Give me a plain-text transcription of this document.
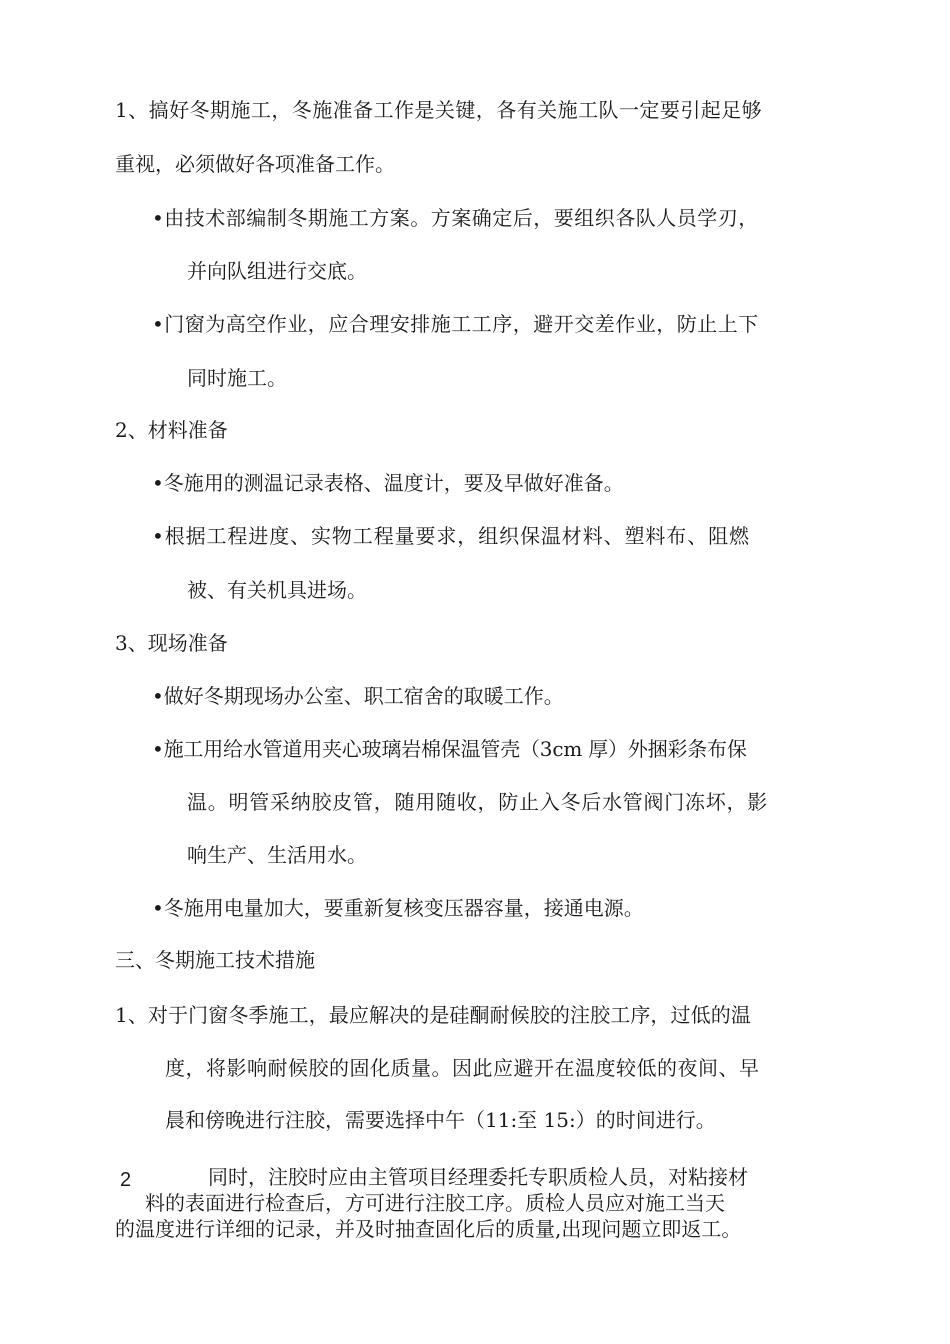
1、搞好冬期施工，冬施准备工作是关键，各有关施工队一定要引起足够
重视，必须做好各项准备工作。
•由技术部编制冬期施工方案。方案确定后，要组织各队人员学刃，
并向队组进行交底。
•门窗为高空作业，应合理安排施工工序，避开交差作业，防止上下
同时施工。
2、材料准备
•冬施用的测温记录表格、温度计，要及早做好准备。
•根据工程进度、实物工程量要求，组织保温材料、塑料布、阻燃
被、有关机具进场。
3、现场准备
•做好冬期现场办公室、职工宿舍的取暖工作。
•施工用给水管道用夹心玻璃岩棉保温管壳（3cm 厚）外捆彩条布保
温。明管采纳胶皮管，随用随收，防止入冬后水管阀门冻坏，影
响生产、生活用水。
•冬施用电量加大，要重新复核变压器容量，接通电源。
三、冬期施工技术措施
1、对于门窗冬季施工，最应解决的是硅酮耐候胶的注胶工序，过低的温
度，将影响耐候胶的固化质量。因此应避开在温度较低的夜间、早
晨和傍晚进行注胶，需要选择中午（11:至 15:）的时间进行。
2	同时，注胶时应由主管项目经理委托专职质检人员，对粘接材
料的表面进行检查后，方可进行注胶工序。质检人员应对施工当天
的温度进行详细的记录，并及时抽查固化后的质量,出现问题立即返工。
